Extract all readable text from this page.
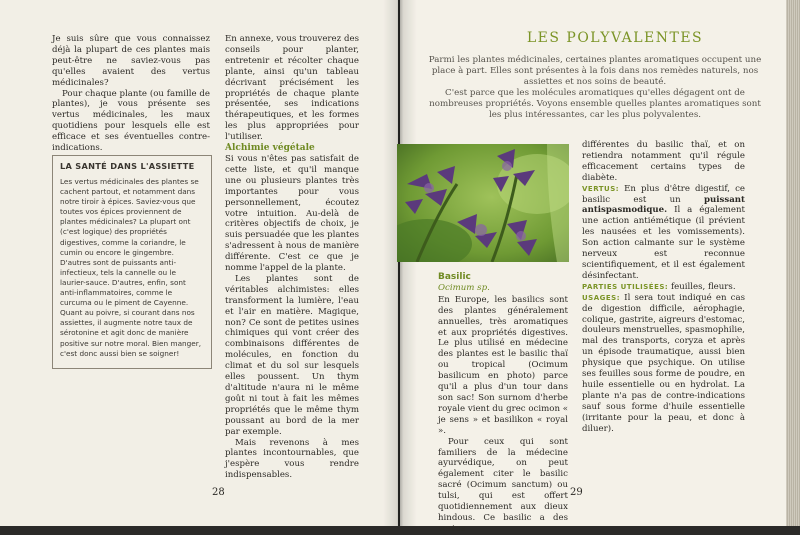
Je suis sûre que vous connaissez déjà la plupart de ces plantes mais peut-être ne saviez-vous pas qu'elles avaient des vertus médicinales?

Pour chaque plante (ou famille de plantes), je vous présente ses vertus médicinales, les maux quotidiens pour lesquels elle est efficace et ses éventuelles contre-indications.

LA SANTÉ DANS L'ASSIETTE

Les vertus médicinales des plantes se cachent partout, et notamment dans notre tiroir à épices. Saviez-vous que toutes vos épices proviennent de plantes médicinales? La plupart ont (c'est logique) des propriétés digestives, comme la coriandre, le cumin ou encore le gingembre. D'autres sont de puissants anti-infectieux, tels la cannelle ou le laurier-sauce. D'autres, enfin, sont anti-inflammatoires, comme le curcuma ou le piment de Cayenne. Quant au poivre, si courant dans nos assiettes, il augmente notre taux de sérotonine et agit donc de manière positive sur notre moral. Bien manger, c'est donc aussi bien se soigner!

En annexe, vous trouverez des conseils pour planter, entretenir et récolter chaque plante, ainsi qu'un tableau décrivant précisément les propriétés de chaque plante présentée, ses indications thérapeutiques, et les formes les plus appropriées pour l'utiliser.

Alchimie végétale

Si vous n'êtes pas satisfait de cette liste, et qu'il manque une ou plusieurs plantes très importantes pour vous personnellement, écoutez votre intuition. Au-delà de critères objectifs de choix, je suis persuadée que les plantes s'adressent à nous de manière différente. C'est ce que je nomme l'appel de la plante.

Les plantes sont de véritables alchimistes: elles transforment la lumière, l'eau et l'air en matière. Magique, non? Ce sont de petites usines chimiques qui vont créer des combinaisons différentes de molécules, en fonction du climat et du sol sur lesquels elles poussent. Un thym d'altitude n'aura ni le même goût ni tout à fait les mêmes propriétés que le même thym poussant au bord de la mer par exemple.

Mais revenons à mes plantes incontournables, que j'espère vous rendre indispensables.

28
LES POLYVALENTES

Parmi les plantes médicinales, certaines plantes aromatiques occupent une place à part. Elles sont présentes à la fois dans nos remèdes naturels, nos assiettes et nos soins de beauté.

C'est parce que les molécules aromatiques qu'elles dégagent ont de nombreuses propriétés. Voyons ensemble quelles plantes aromatiques sont les plus intéressantes, car les plus polyvalentes.

Basilic

Ocimum sp.

En Europe, les basilics sont des plantes généralement annuelles, très aromatiques et aux propriétés digestives. Le plus utilisé en médecine des plantes est le basilic thaï ou tropical (Ocimum basilicum en photo) parce qu'il a plus d'un tour dans son sac! Son surnom d'herbe royale vient du grec ocimon « je sens » et basilikon « royal ».

Pour ceux qui sont familiers de la médecine ayurvédique, on peut également citer le basilic sacré (Ocimum sanctum) ou tulsi, qui est offert quotidiennement aux dieux hindous. Ce basilic a des vertus

différentes du basilic thaï, et on retiendra notamment qu'il régule efficacement certains types de diabète.

VERTUS: En plus d'être digestif, ce basilic est un	puissant antispasmodique. Il a également une action antiémétique (il prévient les nausées et les vomissements). Son action calmante sur le système nerveux est reconnue scientifiquement, et il est également désinfectant.

PARTIES UTILISÉES: feuilles, fleurs.

USAGES: Il sera tout indiqué en cas de digestion difficile, aérophagie, colique, gastrite, aigreurs d'estomac, douleurs menstruelles, spasmophilie, mal des transports, coryza et après un épisode traumatique, aussi bien physique que psychique. On utilise ses feuilles sous forme de poudre, en huile essentielle ou en hydrolat. La plante n'a pas de contre-indications sauf sous forme d'huile essentielle (irritante pour la peau, et donc à diluer).

29
